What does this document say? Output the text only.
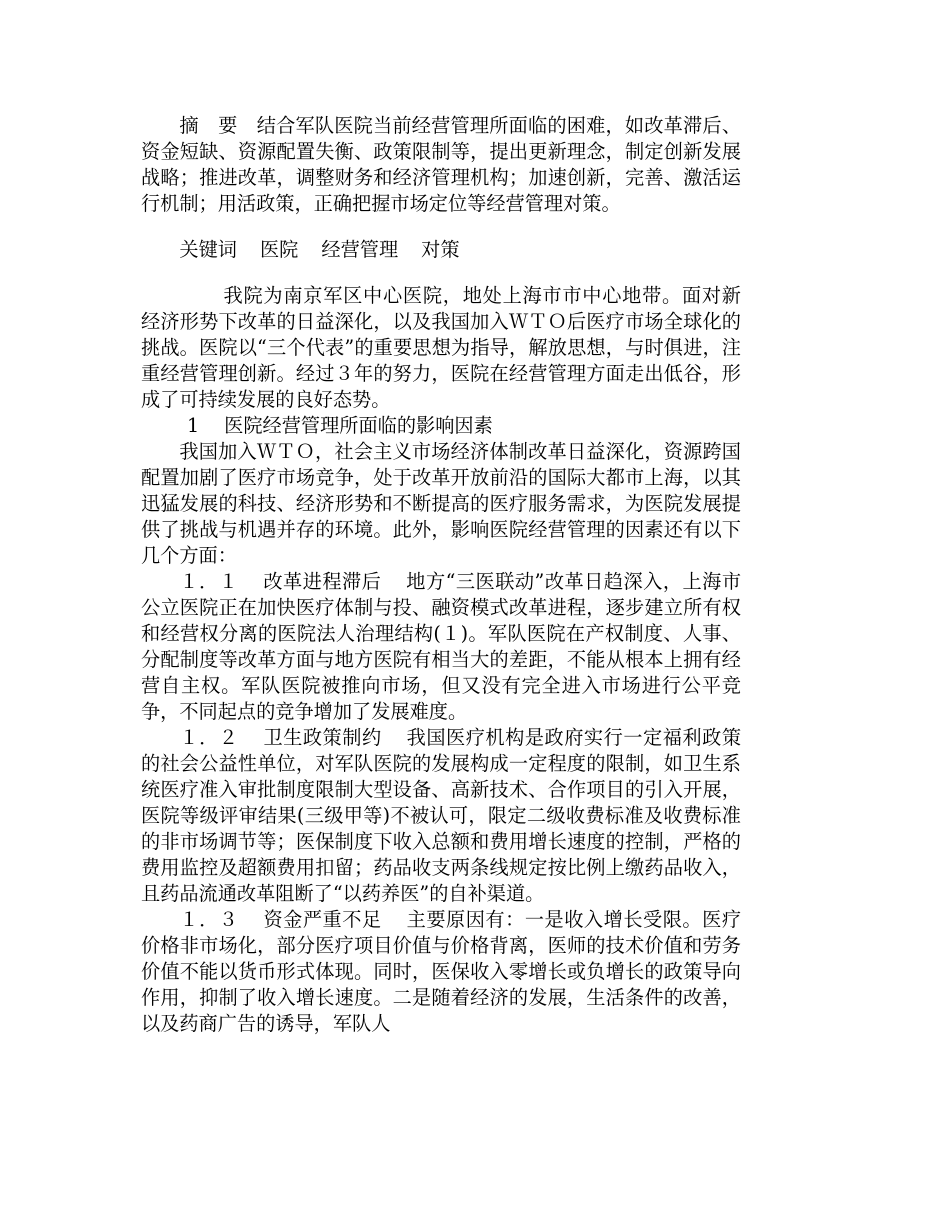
摘　要 结合军队医院当前经营管理所面临的困难，如改革滞后、资金短缺、资源配置失衡、政策限制等，提出更新理念，制定创新发展战略；推进改革，调整财务和经济管理机构；加速创新，完善、激活运行机制；用活政策，正确把握市场定位等经营管理对策。

关键词 医院 经营管理 对策

我院为南京军区中心医院，地处上海市市中心地带。面对新经济形势下改革的日益深化，以及我国加入ＷＴＯ后医疗市场全球化的挑战。医院以“三个代表”的重要思想为指导，解放思想，与时俱进，注重经营管理创新。经过３年的努力，医院在经营管理方面走出低谷，形成了可持续发展的良好态势。

1 医院经营管理所面临的影响因素

我国加入ＷＴＯ，社会主义市场经济体制改革日益深化，资源跨国配置加剧了医疗市场竞争，处于改革开放前沿的国际大都市上海，以其迅猛发展的科技、经济形势和不断提高的医疗服务需求，为医院发展提供了挑战与机遇并存的环境。此外，影响医院经营管理的因素还有以下几个方面：

１．１ 改革进程滞后 地方“三医联动”改革日趋深入，上海市公立医院正在加快医疗体制与投、融资模式改革进程，逐步建立所有权和经营权分离的医院法人治理结构(１)。军队医院在产权制度、人事、分配制度等改革方面与地方医院有相当大的差距，不能从根本上拥有经营自主权。军队医院被推向市场，但又没有完全进入市场进行公平竞争，不同起点的竞争增加了发展难度。

１．２ 卫生政策制约 我国医疗机构是政府实行一定福利政策的社会公益性单位，对军队医院的发展构成一定程度的限制，如卫生系统医疗准入审批制度限制大型设备、高新技术、合作项目的引入开展，医院等级评审结果(三级甲等)不被认可，限定二级收费标准及收费标准的非市场调节等；医保制度下收入总额和费用增长速度的控制，严格的费用监控及超额费用扣留；药品收支两条线规定按比例上缴药品收入，且药品流通改革阻断了“以药养医”的自补渠道。

１．３ 资金严重不足 主要原因有：一是收入增长受限。医疗价格非市场化，部分医疗项目价值与价格背离，医师的技术价值和劳务价值不能以货币形式体现。同时，医保收入零增长或负增长的政策导向作用，抑制了收入增长速度。二是随着经济的发展，生活条件的改善，以及药商广告的诱导，军队人
